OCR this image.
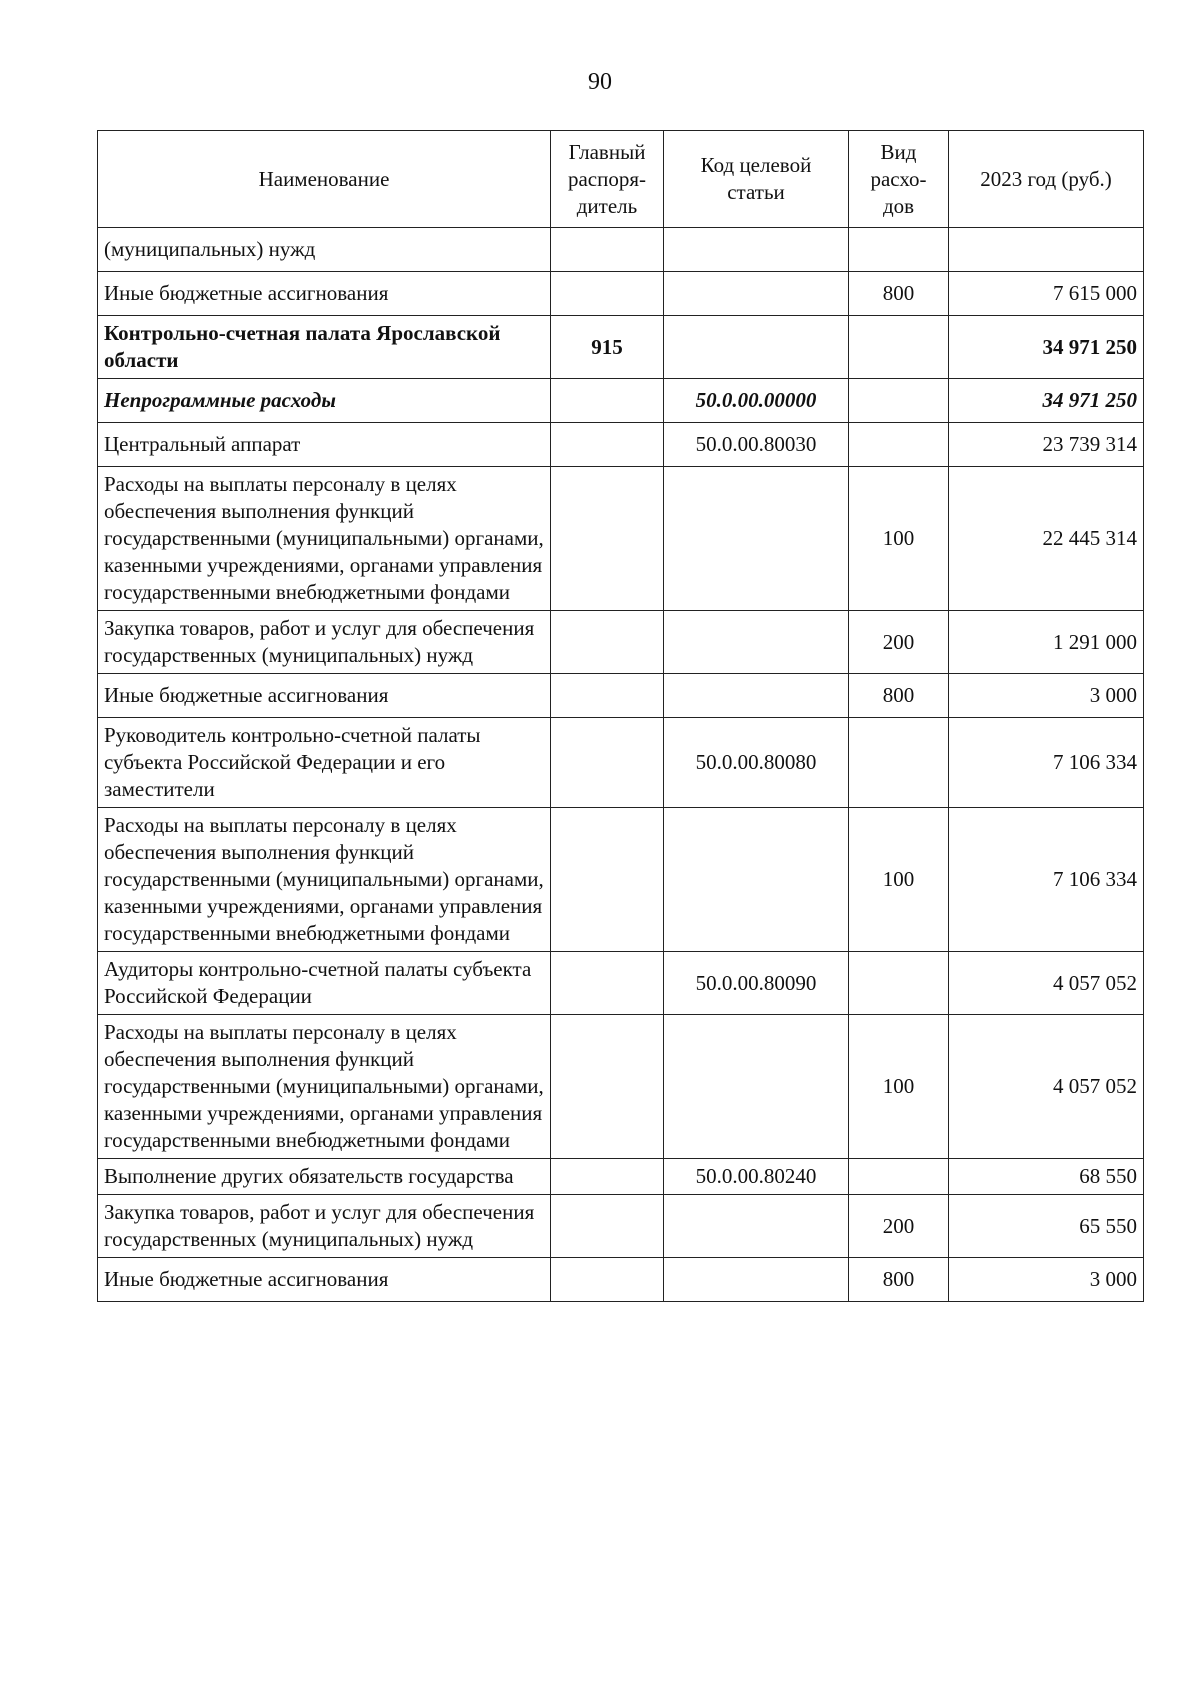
90
Наименование	Главный распоря-дитель	Код целевой статьи	Вид расхо-дов	2023 год (руб.)
(муниципальных) нужд				
Иные бюджетные ассигнования			800	7 615 000
Контрольно-счетная палата Ярославской области	915			34 971 250
Непрограммные расходы		50.0.00.00000		34 971 250
Центральный аппарат		50.0.00.80030		23 739 314
Расходы на выплаты персоналу в целях обеспечения выполнения функций государственными (муниципальными) органами, казенными учреждениями, органами управления государственными внебюджетными фондами			100	22 445 314
Закупка товаров, работ и услуг для обеспечения государственных (муниципальных) нужд			200	1 291 000
Иные бюджетные ассигнования			800	3 000
Руководитель контрольно-счетной палаты субъекта Российской Федерации и его заместители		50.0.00.80080		7 106 334
Расходы на выплаты персоналу в целях обеспечения выполнения функций государственными (муниципальными) органами, казенными учреждениями, органами управления государственными внебюджетными фондами			100	7 106 334
Аудиторы контрольно-счетной палаты субъекта Российской Федерации		50.0.00.80090		4 057 052
Расходы на выплаты персоналу в целях обеспечения выполнения функций государственными (муниципальными) органами, казенными учреждениями, органами управления государственными внебюджетными фондами			100	4 057 052
Выполнение других обязательств государства		50.0.00.80240		68 550
Закупка товаров, работ и услуг для обеспечения государственных (муниципальных) нужд			200	65 550
Иные бюджетные ассигнования			800	3 000
